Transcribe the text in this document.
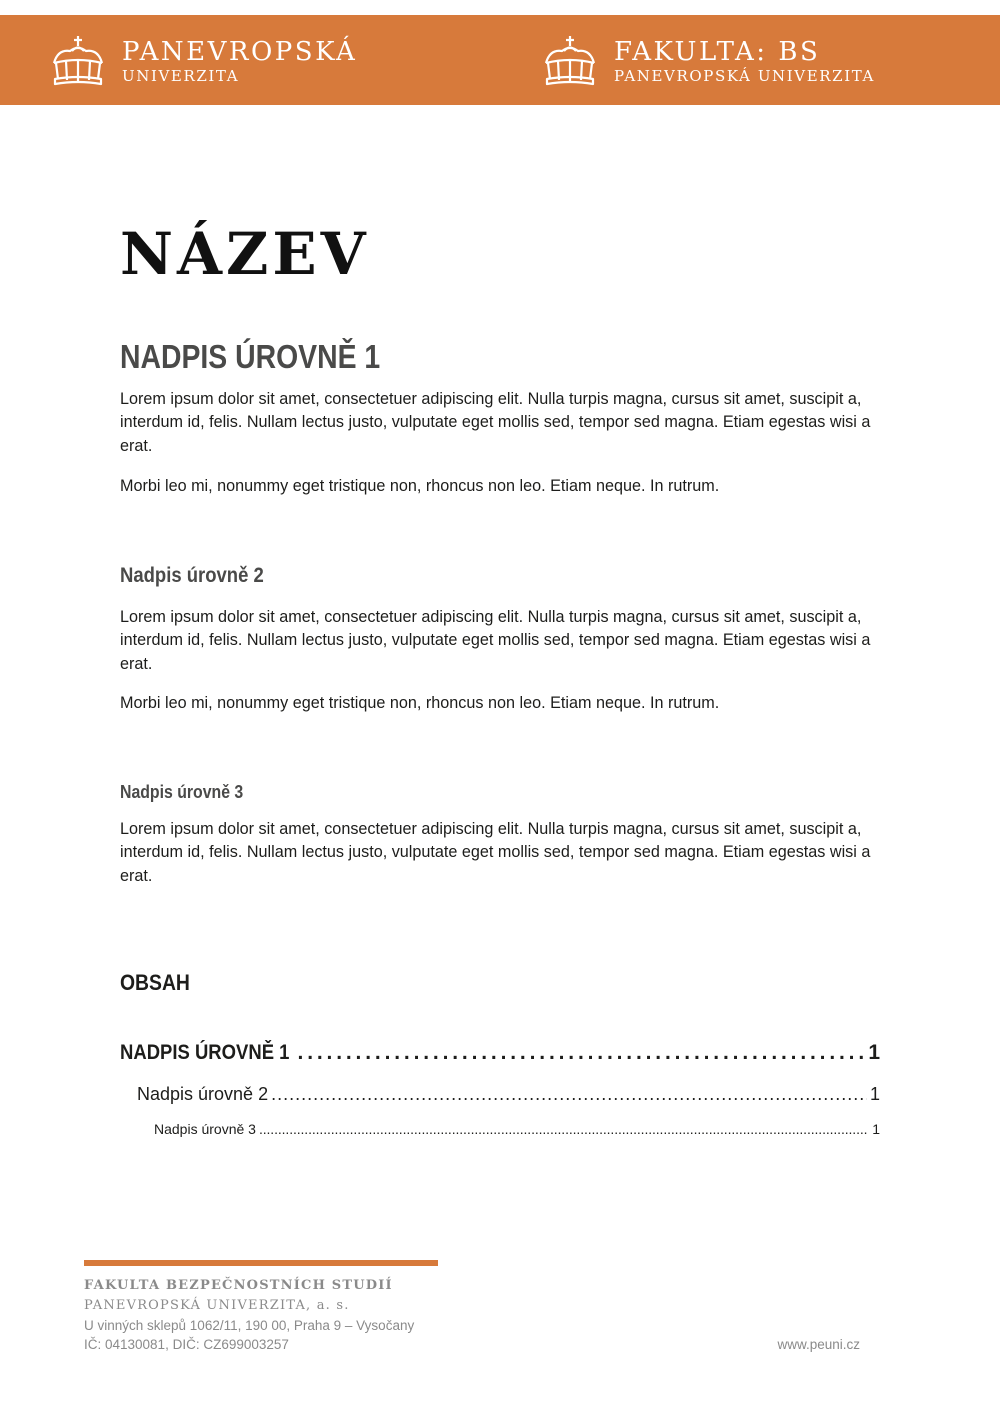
PANEVROPSKÁ
UNIVERZITA
FAKULTA: BS
PANEVROPSKÁ UNIVERZITA
NÁZEV
NADPIS ÚROVNĚ 1

Lorem ipsum dolor sit amet, consectetuer adipiscing elit. Nulla turpis magna, cursus sit amet, suscipit a, interdum id, felis. Nullam lectus justo, vulputate eget mollis sed, tempor sed magna. Etiam egestas wisi a erat.

Morbi leo mi, nonummy eget tristique non, rhoncus non leo. Etiam neque. In rutrum.

Nadpis úrovně 2

Lorem ipsum dolor sit amet, consectetuer adipiscing elit. Nulla turpis magna, cursus sit amet, suscipit a, interdum id, felis. Nullam lectus justo, vulputate eget mollis sed, tempor sed magna. Etiam egestas wisi a erat.

Morbi leo mi, nonummy eget tristique non, rhoncus non leo. Etiam neque. In rutrum.

Nadpis úrovně 3

Lorem ipsum dolor sit amet, consectetuer adipiscing elit. Nulla turpis magna, cursus sit amet, suscipit a, interdum id, felis. Nullam lectus justo, vulputate eget mollis sed, tempor sed magna. Etiam egestas wisi a erat.

OBSAH
NADPIS ÚROVNĚ 1 . . .	1
Nadpis úrovně 2 . . .	1
Nadpis úrovně 3 . . .	1

FAKULTA BEZPEČNOSTNÍCH STUDIÍ

PANEVROPSKÁ UNIVERZITA, a. s.

U vinných sklepů 1062/11, 190 00, Praha 9 – Vysočany

IČ: 04130081, DIČ: CZ699003257	www.peuni.cz
